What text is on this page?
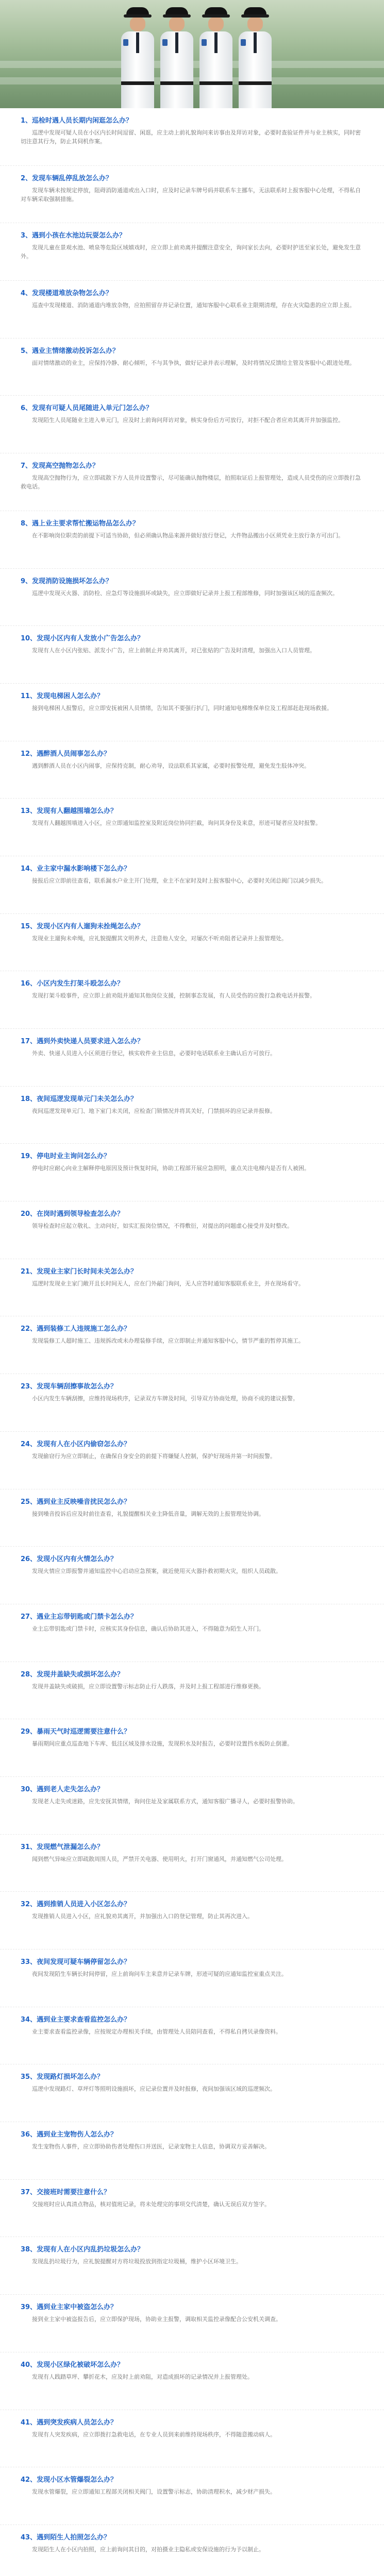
1、巡检时遇人员长期内闲逛怎么办？

巡逻中发现可疑人员在小区内长时间逗留、闲逛，应主动上前礼貌询问来访事由及拜访对象，必要时查验证件并与业主核实，同时密切注意其行为，防止其伺机作案。

2、发现车辆乱停乱放怎么办？

发现车辆未按规定停放，阻碍消防通道或出入口时，应及时记录车牌号码并联系车主挪车，无法联系时上报客服中心处理，不得私自对车辆采取强制措施。

3、遇到小孩在水池边玩耍怎么办？

发现儿童在景观水池、喷泉等危险区域嬉戏时，应立即上前劝离并提醒注意安全，询问家长去向，必要时护送至家长处，避免发生意外。

4、发现楼道堆放杂物怎么办？

巡查中发现楼道、消防通道内堆放杂物，应拍照留存并记录位置，通知客服中心联系业主限期清理，存在火灾隐患的应立即上报。

5、遇业主情绪激动投诉怎么办？

面对情绪激动的业主，应保持冷静、耐心倾听，不与其争执，做好记录并表示理解，及时将情况反馈给主管及客服中心跟进处理。

6、发现有可疑人员尾随进入单元门怎么办？

发现陌生人员尾随业主进入单元门，应及时上前询问拜访对象，核实身份后方可放行，对拒不配合者应劝其离开并加强监控。

7、发现高空抛物怎么办？

发现高空抛物行为，应立即疏散下方人员并设置警示，尽可能确认抛物楼层，拍照取证后上报管理处，造成人员受伤的应立即拨打急救电话。

8、遇上业主要求帮忙搬运物品怎么办？

在不影响岗位职责的前提下可适当协助，但必须确认物品来源并做好放行登记，大件物品搬出小区须凭业主放行条方可出门。

9、发现消防设施损坏怎么办？

巡逻中发现灭火器、消防栓、应急灯等设施损坏或缺失，应立即做好记录并上报工程部维修，同时加强该区域的巡查频次。

10、发现小区内有人发放小广告怎么办？

发现有人在小区内张贴、派发小广告，应上前制止并劝其离开，对已张贴的广告及时清理，加强出入口人员管理。

11、发现电梯困人怎么办？

接到电梯困人报警后，应立即安抚被困人员情绪，告知其不要强行扒门，同时通知电梯维保单位及工程部赶赴现场救援。

12、遇醉酒人员闹事怎么办？

遇到醉酒人员在小区内闹事，应保持克制，耐心劝导，设法联系其家属，必要时报警处理，避免发生肢体冲突。

13、发现有人翻越围墙怎么办？

发现有人翻越围墙进入小区，应立即通知监控室及附近岗位协同拦截，询问其身份及来意，形迹可疑者应及时报警。

14、业主家中漏水影响楼下怎么办？

接报后应立即前往查看，联系漏水户业主开门处理，业主不在家时及时上报客服中心，必要时关闭总阀门以减少损失。

15、发现小区内有人遛狗未拴绳怎么办？

发现业主遛狗未牵绳，应礼貌提醒其文明养犬，注意他人安全，对屡次不听劝阻者记录并上报管理处。

16、小区内发生打架斗殴怎么办？

发现打架斗殴事件，应立即上前劝阻并通知其他岗位支援，控制事态发展，有人员受伤的应拨打急救电话并报警。

17、遇到外卖快递人员要求进入怎么办？

外卖、快递人员进入小区须进行登记，核实收件业主信息，必要时电话联系业主确认后方可放行。

18、夜间巡逻发现单元门未关怎么办？

夜间巡逻发现单元门、地下室门未关闭，应检查门锁情况并将其关好，门禁损坏的应记录并报修。

19、停电时业主询问怎么办？

停电时应耐心向业主解释停电原因及预计恢复时间，协助工程部开展应急照明，重点关注电梯内是否有人被困。

20、在岗时遇到领导检查怎么办？

领导检查时应起立敬礼、主动问好，如实汇报岗位情况，不得敷衍，对提出的问题虚心接受并及时整改。

21、发现业主家门长时间未关怎么办？

巡逻时发现业主家门敞开且长时间无人，应在门外敲门询问，无人应答时通知客服联系业主，并在现场看守。

22、遇到装修工人违规施工怎么办？

发现装修工人超时施工、违规拆改或未办理装修手续，应立即制止并通知客服中心，情节严重的暂停其施工。

23、发现车辆刮擦事故怎么办？

小区内发生车辆刮擦，应维持现场秩序，记录双方车牌及时间，引导双方协商处理，协商不成的建议报警。

24、发现有人在小区内偷窃怎么办？

发现偷窃行为应立即制止，在确保自身安全的前提下将嫌疑人控制，保护好现场并第一时间报警。

25、遇到业主反映噪音扰民怎么办？

接到噪音投诉后应及时前往查看，礼貌提醒相关业主降低音量，调解无效的上报管理处协调。

26、发现小区内有火情怎么办？

发现火情应立即报警并通知监控中心启动应急预案，就近使用灭火器扑救初期火灾，组织人员疏散。

27、遇业主忘带钥匙或门禁卡怎么办？

业主忘带钥匙或门禁卡时，应核实其身份信息，确认后协助其进入，不得随意为陌生人开门。

28、发现井盖缺失或损坏怎么办？

发现井盖缺失或破损，应立即设置警示标志防止行人跌落，并及时上报工程部进行维修更换。

29、暴雨天气时巡逻需要注意什么？

暴雨期间应重点巡查地下车库、低洼区域及排水设施，发现积水及时报告，必要时设置挡水板防止倒灌。

30、遇到老人走失怎么办？

发现老人走失或迷路，应先安抚其情绪，询问住址及家属联系方式，通知客服广播寻人，必要时报警协助。

31、发现燃气泄漏怎么办？

闻到燃气异味应立即疏散周围人员，严禁开关电器、使用明火，打开门窗通风，并通知燃气公司处理。

32、遇到推销人员进入小区怎么办？

发现推销人员进入小区，应礼貌劝其离开，并加强出入口的登记管理，防止其再次进入。

33、夜间发现可疑车辆停留怎么办？

夜间发现陌生车辆长时间停留，应上前询问车主来意并记录车牌，形迹可疑的应通知监控室重点关注。

34、遇到业主要求查看监控怎么办？

业主要求查看监控录像，应按规定办理相关手续，由管理处人员陪同查看，不得私自拷贝录像资料。

35、发现路灯损坏怎么办？

巡逻中发现路灯、草坪灯等照明设施损坏，应记录位置并及时报修，夜间加强该区域的巡逻频次。

36、遇到业主宠物伤人怎么办？

发生宠物伤人事件，应立即协助伤者处理伤口并送医，记录宠物主人信息，协调双方妥善解决。

37、交接班时需要注意什么？

交接班时应认真清点物品，核对值班记录，将未处理完的事项交代清楚，确认无误后双方签字。

38、发现有人在小区内乱扔垃圾怎么办？

发现乱扔垃圾行为，应礼貌提醒对方将垃圾投放到指定垃圾桶，维护小区环境卫生。

39、遇到业主家中被盗怎么办？

接到业主家中被盗报告后，应立即保护现场，协助业主报警，调取相关监控录像配合公安机关调查。

40、发现小区绿化被破坏怎么办？

发现有人践踏草坪、攀折花木，应及时上前劝阻，对造成损坏的记录情况并上报管理处。

41、遇到突发疾病人员怎么办？

发现有人突发疾病，应立即拨打急救电话，在专业人员到来前维持现场秩序，不得随意搬动病人。

42、发现小区水管爆裂怎么办？

发现水管爆裂，应立即通知工程部关闭相关阀门，设置警示标志，协助清理积水，减少财产损失。

43、遇到陌生人拍照怎么办？

发现陌生人在小区内拍照，应上前询问其目的，对拍摄业主隐私或安保设施的行为予以制止。
